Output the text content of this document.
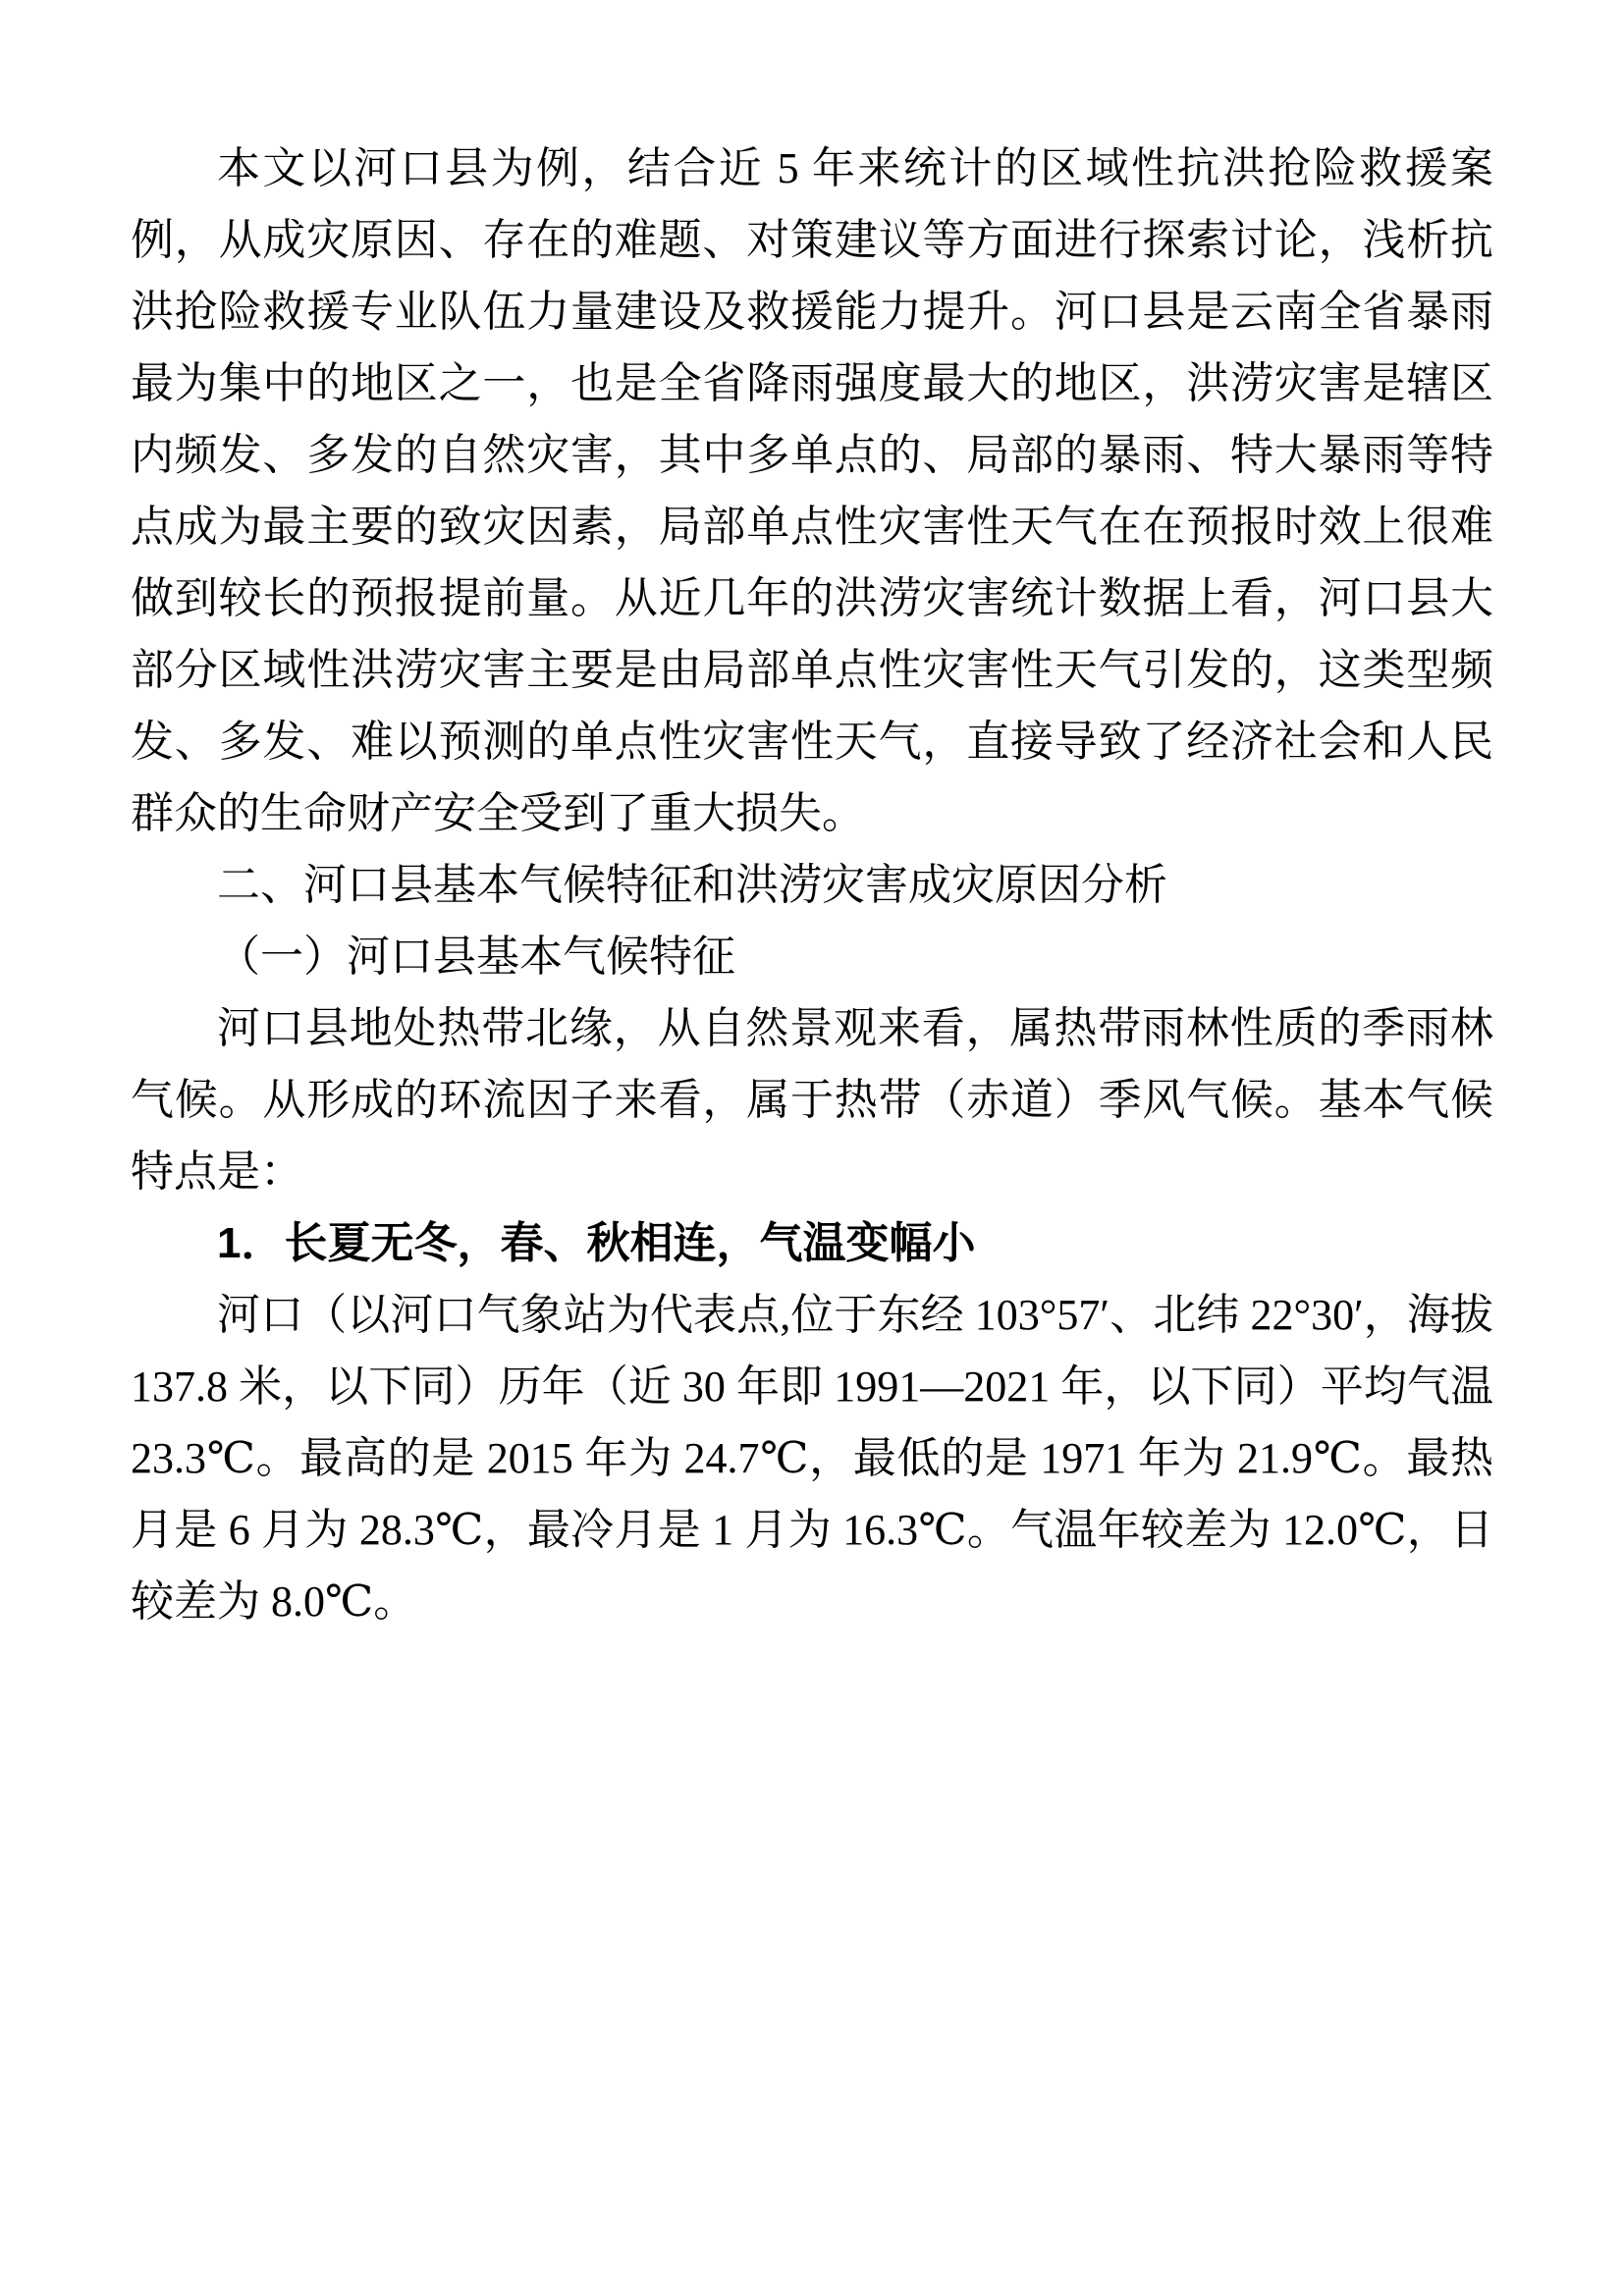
本文以河口县为例，结合近 5 年来统计的区域性抗洪抢险救援案例，从成灾原因、存在的难题、对策建议等方面进行探索讨论，浅析抗洪抢险救援专业队伍力量建设及救援能力提升。河口县是云南全省暴雨最为集中的地区之一，也是全省降雨强度最大的地区，洪涝灾害是辖区内频发、多发的自然灾害，其中多单点的、局部的暴雨、特大暴雨等特点成为最主要的致灾因素，局部单点性灾害性天气在在预报时效上很难做到较长的预报提前量。从近几年的洪涝灾害统计数据上看，河口县大部分区域性洪涝灾害主要是由局部单点性灾害性天气引发的，这类型频发、多发、难以预测的单点性灾害性天气，直接导致了经济社会和人民群众的生命财产安全受到了重大损失。

二、河口县基本气候特征和洪涝灾害成灾原因分析

（一）河口县基本气候特征

河口县地处热带北缘，从自然景观来看，属热带雨林性质的季雨林气候。从形成的环流因子来看，属于热带（赤道）季风气候。基本气候特点是：

1．长夏无冬，春、秋相连，气温变幅小

河口（以河口气象站为代表点,位于东经 103°57′、北纬 22°30′，海拔 137.8 米，以下同）历年（近 30 年即 1991—2021 年，以下同）平均气温 23.3℃。最高的是 2015 年为 24.7℃，最低的是 1971 年为 21.9℃。最热月是 6 月为 28.3℃，最冷月是 1 月为 16.3℃。气温年较差为 12.0℃，日较差为 8.0℃。
